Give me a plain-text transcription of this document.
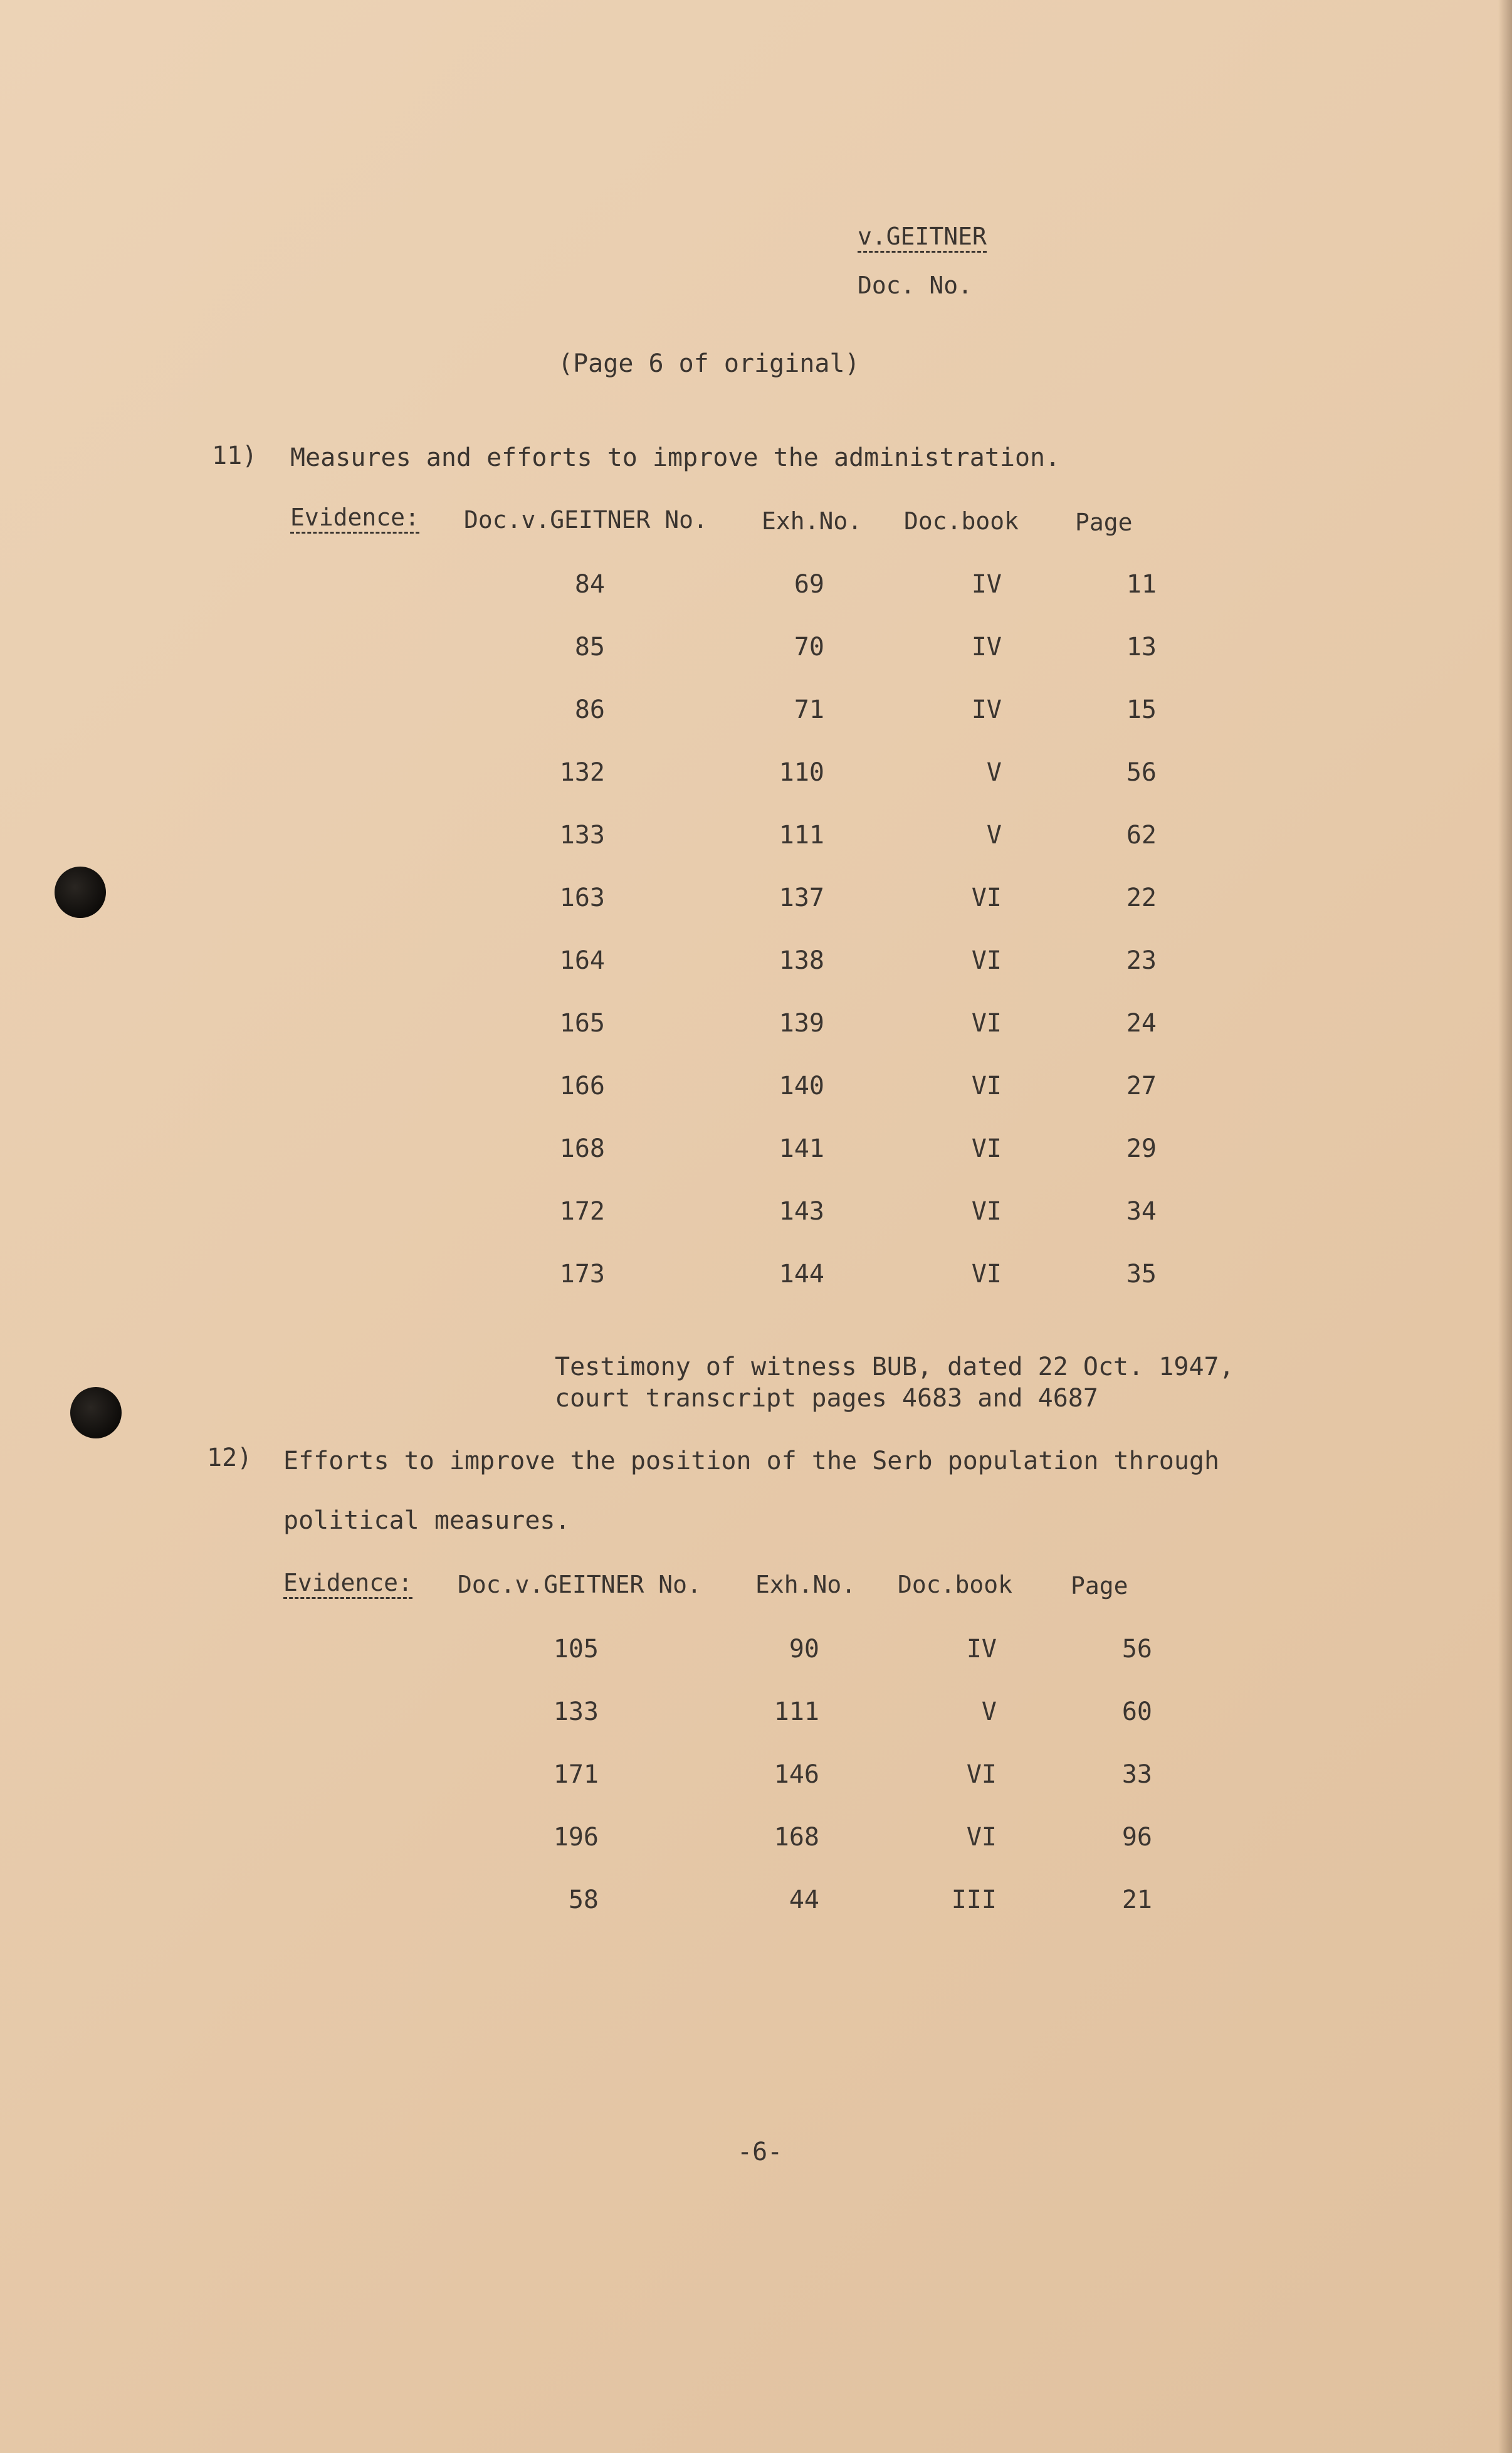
v.GEITNER
Doc. No.
(Page 6 of original)
11) Measures and efforts to improve the administration.
Evidence: Doc.v.GEITNER No. Exh.No. Doc.book Page
84	69	IV	11
85	70	IV	13
86	71	IV	15
132	110	V	56
133	111	V	62
163	137	VI	22
164	138	VI	23
165	139	VI	24
166	140	VI	27
168	141	VI	29
172	143	VI	34
173	144	VI	35
Testimony of witness BUB, dated 22 Oct. 1947,
court transcript pages 4683 and 4687
12) Efforts to improve the position of the Serb population through
political measures.
Evidence: Doc.v.GEITNER No. Exh.No. Doc.book Page
105	90	IV	56
133	111	V	60
171	146	VI	33
196	168	VI	96
58	44	III	21
-6-
